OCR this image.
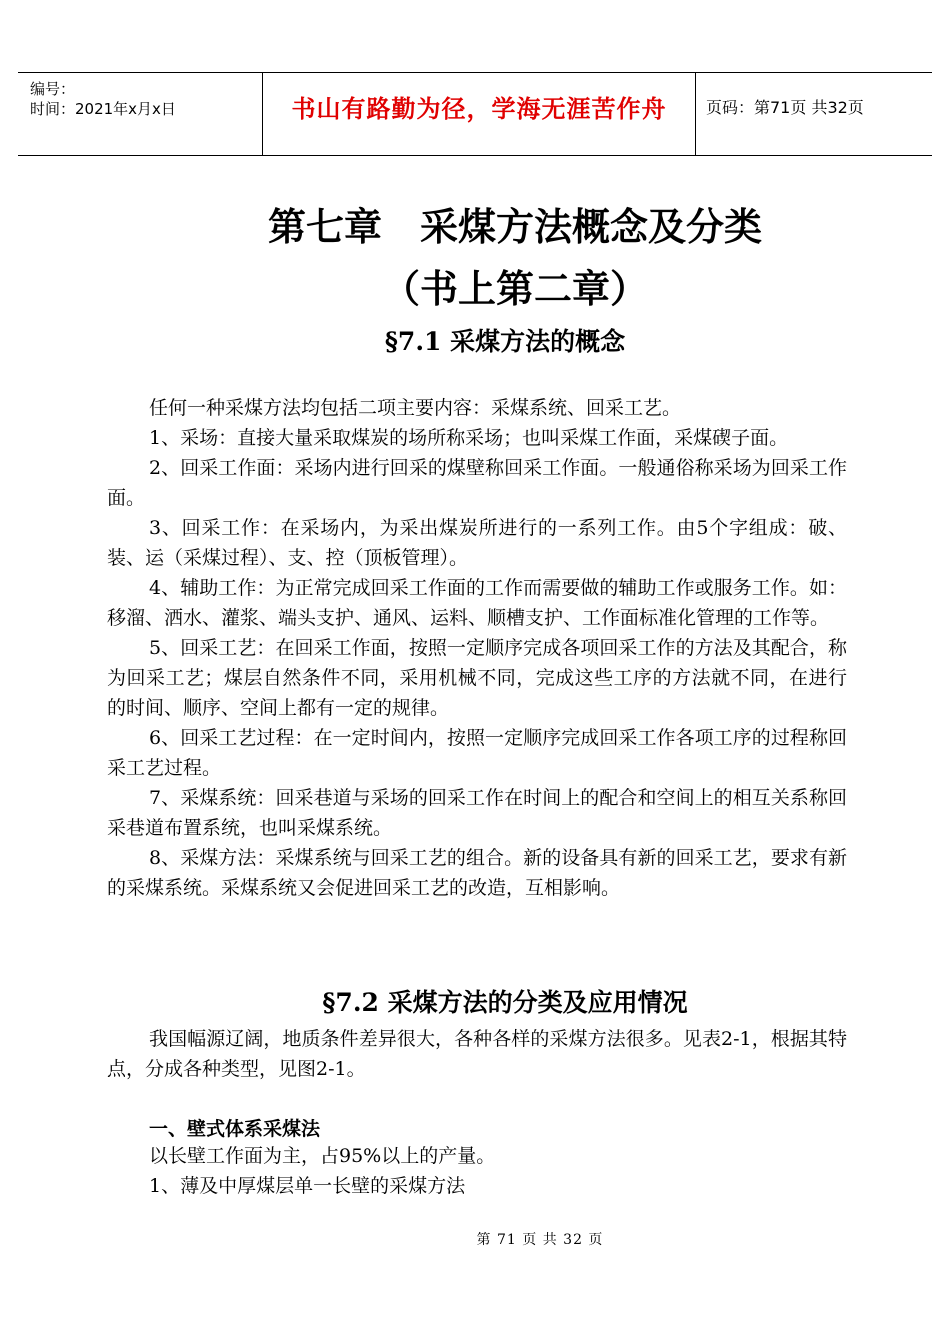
编号：
时间：2021年x月x日	书山有路勤为径，学海无涯苦作舟	页码：第71页 共32页
第七章　采煤方法概念及分类
（书上第二章）
§7.1 采煤方法的概念

任何一种采煤方法均包括二项主要内容：采煤系统、回采工艺。

1、采场：直接大量采取煤炭的场所称采场；也叫采煤工作面，采煤碶子面。

2、回采工作面：采场内进行回采的煤壁称回采工作面。一般通俗称采场为回采工作面。

3、回采工作：在采场内，为采出煤炭所进行的一系列工作。由5个字组成：破、装、运（采煤过程）、支、控（顶板管理）。

4、辅助工作：为正常完成回采工作面的工作而需要做的辅助工作或服务工作。如：移溜、洒水、灌浆、端头支护、通风、运料、顺槽支护、工作面标准化管理的工作等。

5、回采工艺：在回采工作面，按照一定顺序完成各项回采工作的方法及其配合，称为回采工艺；煤层自然条件不同，采用机械不同，完成这些工序的方法就不同，在进行的时间、顺序、空间上都有一定的规律。

6、回采工艺过程：在一定时间内，按照一定顺序完成回采工作各项工序的过程称回采工艺过程。

7、采煤系统：回采巷道与采场的回采工作在时间上的配合和空间上的相互关系称回采巷道布置系统，也叫采煤系统。

8、采煤方法：采煤系统与回采工艺的组合。新的设备具有新的回采工艺，要求有新的采煤系统。采煤系统又会促进回采工艺的改造，互相影响。

§7.2 采煤方法的分类及应用情况

我国幅源辽阔，地质条件差异很大，各种各样的采煤方法很多。见表2-1，根据其特点，分成各种类型，见图2-1。

一、壁式体系采煤法

以长壁工作面为主，占95%以上的产量。

1、薄及中厚煤层单一长壁的采煤方法

第 71 页 共 32 页
